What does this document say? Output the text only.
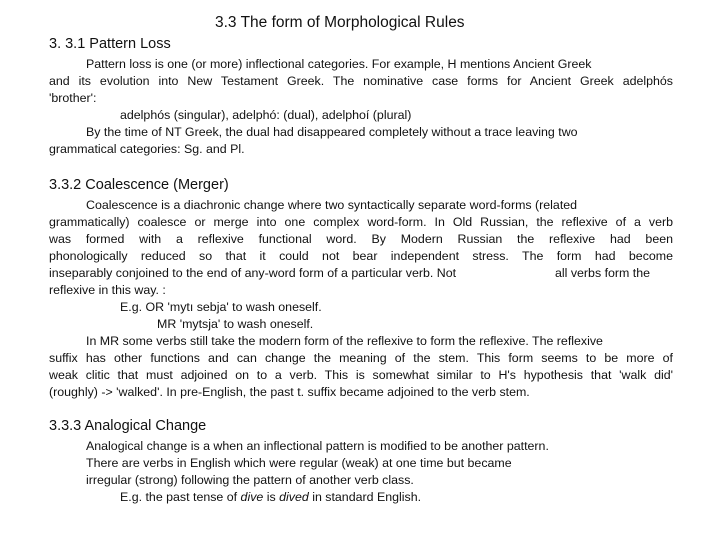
3.3 The form of Morphological Rules
3. 3.1 Pattern Loss
Pattern loss is one (or more) inflectional categories. For example, H mentions Ancient Greek
and its evolution into New Testament Greek. The nominative case forms for Ancient Greek adelphós
'brother':
adelphós (singular), adelphó: (dual), adelphoí (plural)
By the time of NT Greek, the dual had disappeared completely without a trace leaving two
grammatical categories: Sg. and Pl.
3.3.2 Coalescence (Merger)
Coalescence is a diachronic change where two syntactically separate word-forms (related
grammatically) coalesce or merge into one complex word-form. In Old Russian, the reflexive of a verb
was formed with a reflexive functional word. By Modern Russian the reflexive had been
phonologically reduced so that it could not bear independent stress. The form had become
inseparably conjoined to the end of any-word form of a particular verb. Not	all verbs form the
reflexive in this way. :
E.g. OR 'mytı sebja' to wash oneself.
MR 'mytsja' to wash oneself.
In MR some verbs still take the modern form of the reflexive to form the reflexive. The reflexive
suffix has other functions and can change the meaning of the stem. This form seems to be more of
weak clitic that must adjoined on to a verb. This is somewhat similar to H's hypothesis that 'walk did'
(roughly) -> 'walked'. In pre-English, the past t. suffix became adjoined to the verb stem.
3.3.3 Analogical Change
Analogical change is a when an inflectional pattern is modified to be another pattern.
There are verbs in English which were regular (weak) at one time but became
irregular (strong) following the pattern of another verb class.
E.g. the past tense of dive is dived in standard English.
